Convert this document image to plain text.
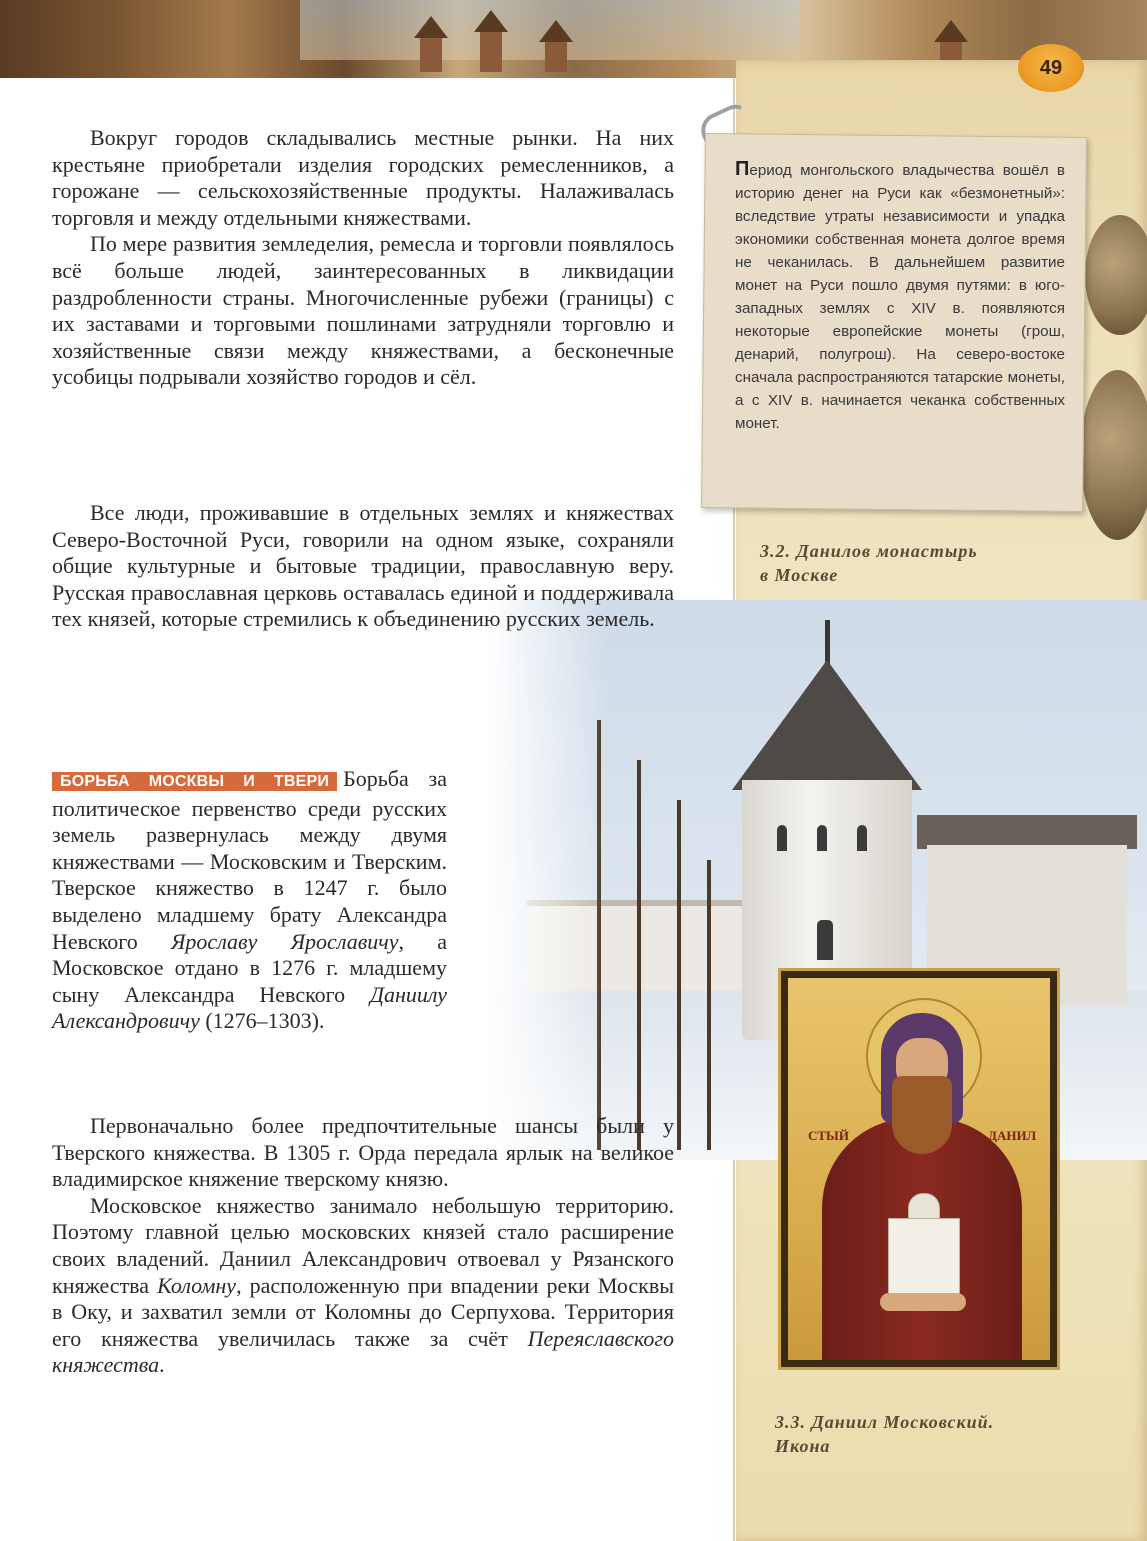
49
Период монгольского владычества вошёл в историю денег на Руси как «безмонетный»: вследствие утраты независимости и упадка экономики собственная монета долгое время не чеканилась. В дальнейшем развитие монет на Руси пошло двумя путями: в юго-западных землях с XIV в. появляются некоторые европейские монеты (грош, денарий, полугрош). На северо-востоке сначала распространяются татарские монеты, а с XIV в. начинается чеканка собственных монет.
3.2. Данилов монастырь
в Москве
СТЫЙ	ДАНИЛ
3.3. Даниил Московский.
Икона

Вокруг городов складывались местные рынки. На них крестьяне приобретали изделия городских ремесленников, а горожане — сельскохозяйственные продукты. Налаживалась торговля и между отдельными княжествами.

По мере развития земледелия, ремесла и торговли появлялось всё больше людей, заинтересованных в ликвидации раздробленности страны. Многочисленные рубежи (границы) с их заставами и торговыми пошлинами затрудняли торговлю и хозяйственные связи между княжествами, а бесконечные усобицы подрывали хозяйство городов и сёл.

Все люди, проживавшие в отдельных землях и княжествах Северо-Восточной Руси, говорили на одном языке, сохраняли общие культурные и бытовые традиции, православную веру. Русская православная церковь оставалась единой и поддерживала тех князей, которые стремились к объединению русских земель.

БОРЬБА МОСКВЫ И ТВЕРИ Борьба за политическое первенство среди русских земель развернулась между двумя княжествами — Московским и Тверским. Тверское княжество в 1247 г. было выделено младшему брату Александра Невского Ярославу Ярославичу, а Московское отдано в 1276 г. младшему сыну Александра Невского Даниилу Александровичу (1276–1303).

Первоначально более предпочтительные шансы были у Тверского княжества. В 1305 г. Орда передала ярлык на великое владимирское княжение тверскому князю.

Московское княжество занимало небольшую территорию. Поэтому главной целью московских князей стало расширение своих владений. Даниил Александрович отвоевал у Рязанского княжества Коломну, расположенную при впадении реки Москвы в Оку, и захватил земли от Коломны до Серпухова. Территория его княжества увеличилась также за счёт Переяславского княжества.
